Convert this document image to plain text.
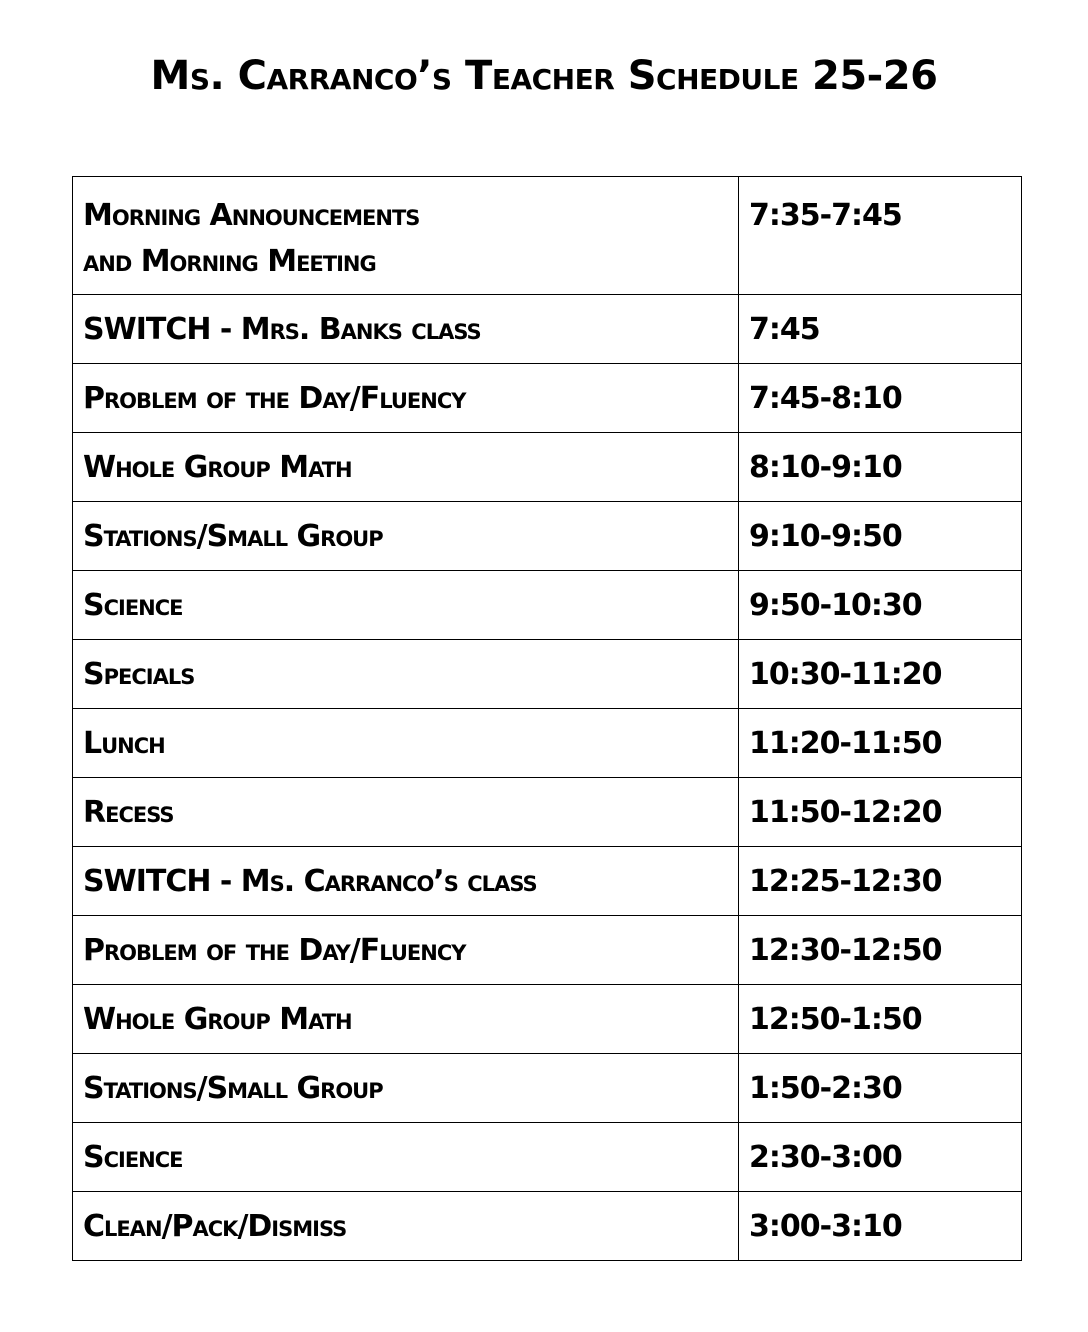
Ms. Carranco’s Teacher Schedule 25-26
Morning Announcements
and Morning Meeting	7:35-7:45
SWITCH - Mrs. Banks class	7:45
Problem of the Day/Fluency	7:45-8:10
Whole Group Math	8:10-9:10
Stations/Small Group	9:10-9:50
Science	9:50-10:30
Specials	10:30-11:20
Lunch	11:20-11:50
Recess	11:50-12:20
SWITCH - Ms. Carranco’s class	12:25-12:30
Problem of the Day/Fluency	12:30-12:50
Whole Group Math	12:50-1:50
Stations/Small Group	1:50-2:30
Science	2:30-3:00
Clean/Pack/Dismiss	3:00-3:10
